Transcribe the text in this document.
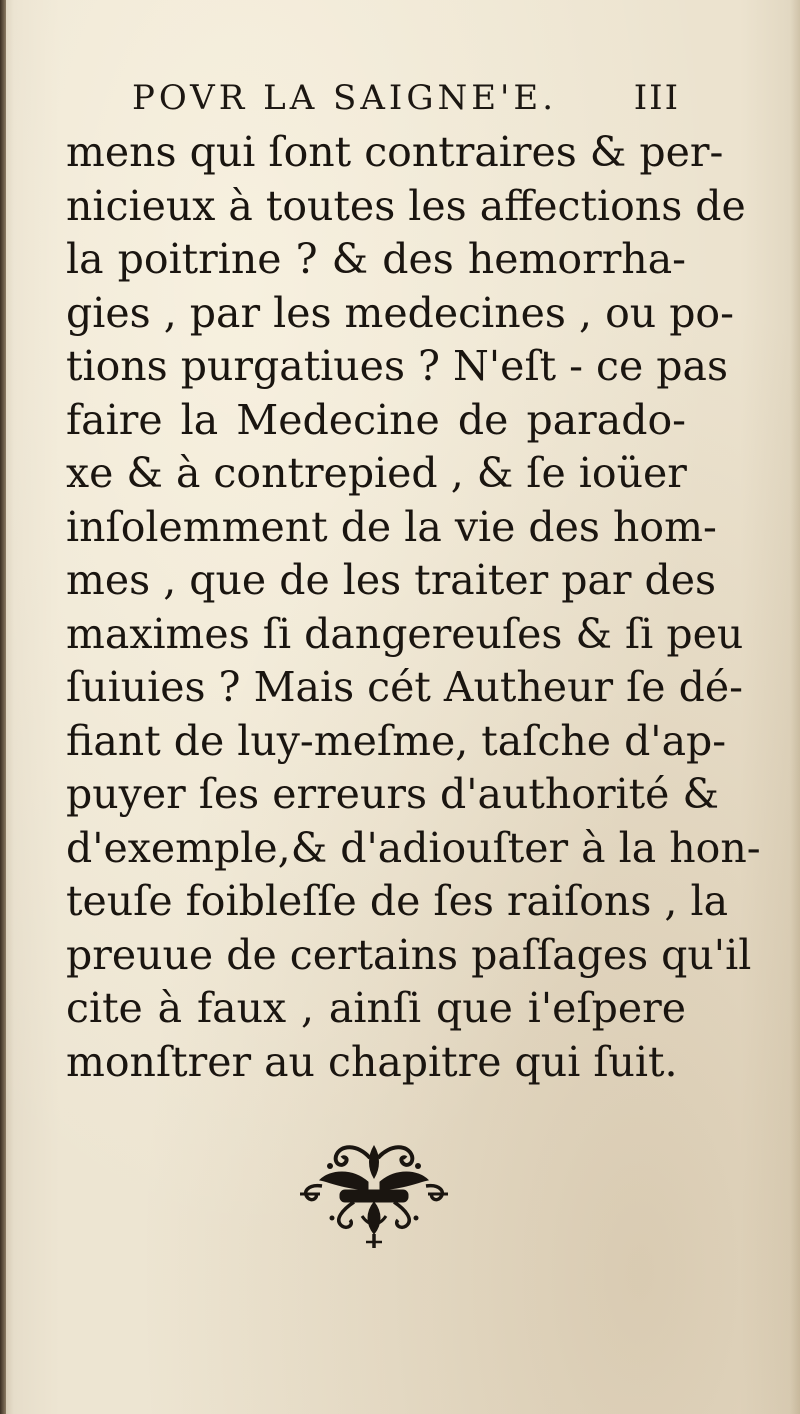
POVR LA SAIGNE'E. III
mens qui ſont contraires & per-
nicieux à toutes les affections de
la poitrine ? & des hemorrha-
gies , par les medecines , ou po-
tions purgatiues ? N'eſt - ce pas
faire la Medecine de parado-
xe & à contrepied , & ſe ioüer
inſolemment de la vie des hom-
mes , que de les traiter par des
maximes ſi dangereuſes & ſi peu
ſuiuies ? Mais cét Autheur ſe dé-
fiant de luy-meſme, taſche d'ap-
puyer ſes erreurs d'authorité &
d'exemple,& d'adiouſter à la hon-
teuſe foibleſſe de ſes raiſons , la
preuue de certains paſſages qu'il
cite à faux , ainſi que i'eſpere
monſtrer au chapitre qui ſuit.
